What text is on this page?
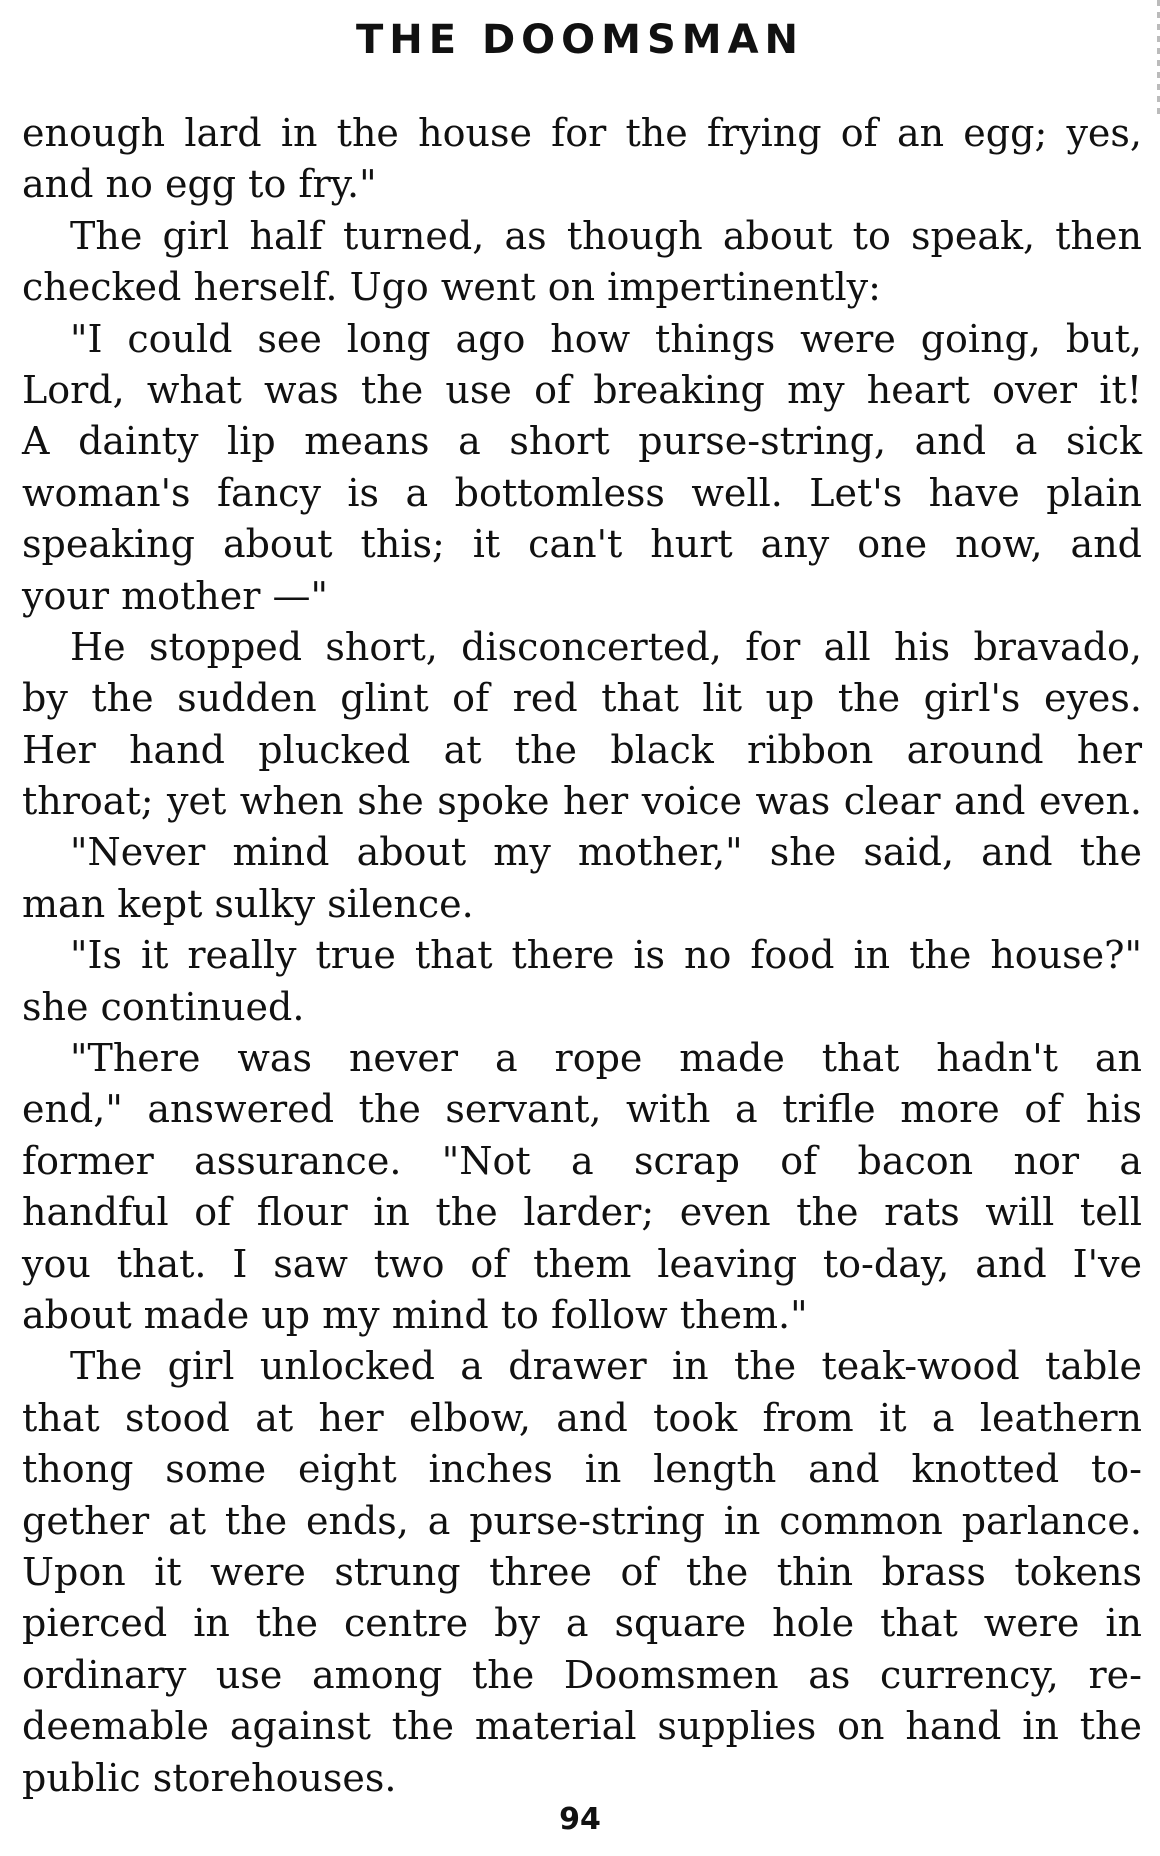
THE DOOMSMAN
enough lard in the house for the frying of an egg; yes,
and no egg to fry."
The girl half turned, as though about to speak, then
checked herself. Ugo went on impertinently:
"I could see long ago how things were going, but,
Lord, what was the use of breaking my heart over it!
A dainty lip means a short purse-string, and a sick
woman's fancy is a bottomless well. Let's have plain
speaking about this; it can't hurt any one now, and
your mother —"
He stopped short, disconcerted, for all his bravado,
by the sudden glint of red that lit up the girl's eyes.
Her hand plucked at the black ribbon around her
throat; yet when she spoke her voice was clear and even.
"Never mind about my mother," she said, and the
man kept sulky silence.
"Is it really true that there is no food in the house?"
she continued.
"There was never a rope made that hadn't an
end," answered the servant, with a trifle more of his
former assurance. "Not a scrap of bacon nor a
handful of flour in the larder; even the rats will tell
you that. I saw two of them leaving to-day, and I've
about made up my mind to follow them."
The girl unlocked a drawer in the teak-wood table
that stood at her elbow, and took from it a leathern
thong some eight inches in length and knotted to-
gether at the ends, a purse-string in common parlance.
Upon it were strung three of the thin brass tokens
pierced in the centre by a square hole that were in
ordinary use among the Doomsmen as currency, re-
deemable against the material supplies on hand in the
public storehouses.
94
